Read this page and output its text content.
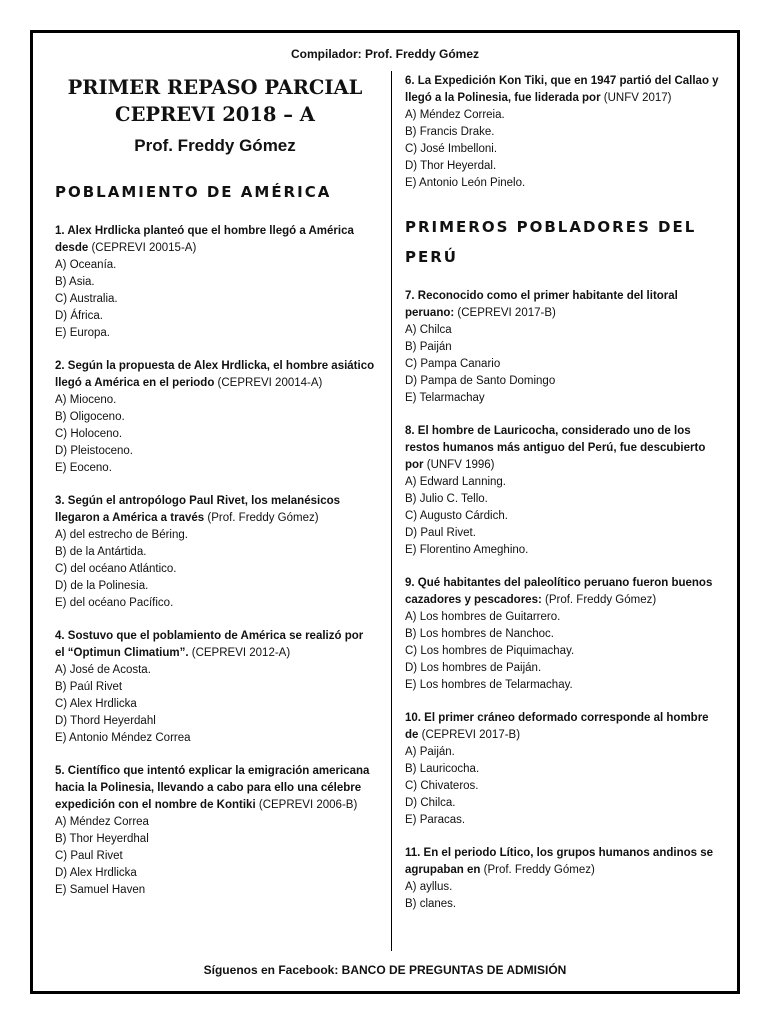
Compilador: Prof. Freddy Gómez
PRIMER REPASO PARCIAL
CEPREVI 2018 – A
Prof. Freddy Gómez
POBLAMIENTO DE AMÉRICA
1. Alex Hrdlicka planteó que el hombre llegó a América desde (CEPREVI 20015-A)
A) Oceanía.
B) Asia.
C) Australia.
D) África.
E) Europa.
2. Según la propuesta de Alex Hrdlicka, el hombre asiático llegó a América en el periodo (CEPREVI 20014-A)
A) Mioceno.
B) Oligoceno.
C) Holoceno.
D) Pleistoceno.
E) Eoceno.
3. Según el antropólogo Paul Rivet, los melanésicos llegaron a América a través (Prof. Freddy Gómez)
A) del estrecho de Béring.
B) de la Antártida.
C) del océano Atlántico.
D) de la Polinesia.
E) del océano Pacífico.
4. Sostuvo que el poblamiento de América se realizó por el “Optimun Climatium”. (CEPREVI 2012-A)
A) José de Acosta.
B) Paúl Rivet
C) Alex Hrdlicka
D) Thord Heyerdahl
E) Antonio Méndez Correa
5. Científico que intentó explicar la emigración americana hacia la Polinesia, llevando a cabo para ello una célebre expedición con el nombre de Kontiki (CEPREVI 2006-B)
A) Méndez Correa
B) Thor Heyerdhal
C) Paul Rivet
D) Alex Hrdlicka
E) Samuel Haven
6. La Expedición Kon Tiki, que en 1947 partió del Callao y llegó a la Polinesia, fue liderada por (UNFV 2017)
A) Méndez Correia.
B) Francis Drake.
C) José Imbelloni.
D) Thor Heyerdal.
E) Antonio León Pinelo.
PRIMEROS POBLADORES DEL PERÚ
7. Reconocido como el primer habitante del litoral peruano: (CEPREVI 2017-B)
A) Chilca
B) Paiján
C) Pampa Canario
D) Pampa de Santo Domingo
E) Telarmachay
8. El hombre de Lauricocha, considerado uno de los restos humanos más antiguo del Perú, fue descubierto por (UNFV 1996)
A) Edward Lanning.
B) Julio C. Tello.
C) Augusto Cárdich.
D) Paul Rivet.
E) Florentino Ameghino.
9. Qué habitantes del paleolítico peruano fueron buenos cazadores y pescadores: (Prof. Freddy Gómez)
A) Los hombres de Guitarrero.
B) Los hombres de Nanchoc.
C) Los hombres de Piquimachay.
D) Los hombres de Paiján.
E) Los hombres de Telarmachay.
10. El primer cráneo deformado corresponde al hombre de (CEPREVI 2017-B)
A) Paiján.
B) Lauricocha.
C) Chivateros.
D) Chilca.
E) Paracas.
11. En el periodo Lítico, los grupos humanos andinos se agrupaban en (Prof. Freddy Gómez)
A) ayllus.
B) clanes.
Síguenos en Facebook: BANCO DE PREGUNTAS DE ADMISIÓN
